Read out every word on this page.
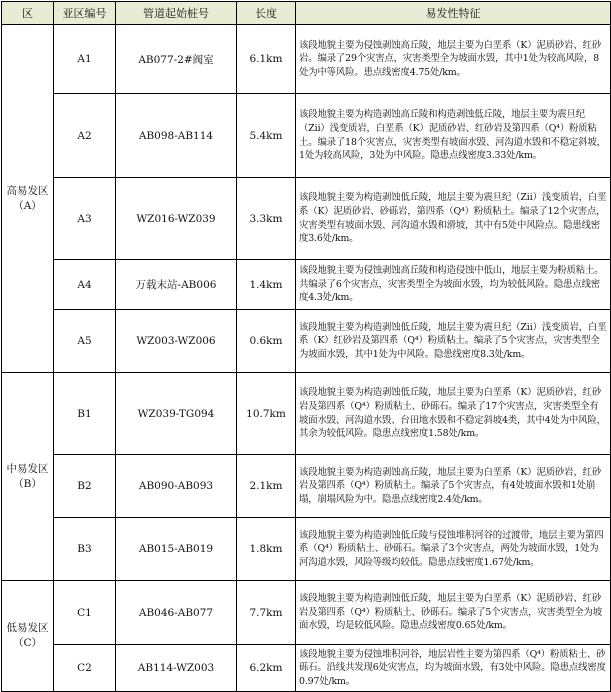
区	亚区编号	管道起始桩号	长度	易发性特征
高易发区
（A）	A1	AB077-2#阀室	6.1km	该段地貌主要为侵蚀剥蚀高丘陵，地层主要为白垩系（K）泥质砂岩、红砂岩。编录了29个灾害点，灾害类型全为坡面水毁，其中1处为较高风险，8处为中等风险。患点线密度4.75处/km。
	A2	AB098-AB114	5.4km	该段地貌主要为构造剥蚀高丘陵和构造剥蚀低丘陵，地层主要为震旦纪（Zⅱ）浅变质岩，白垩系（K）泥质砂岩、红砂岩及第四系（Q⁴）粉质粘土。编录了18个灾害点，灾害类型有坡面水毁、河沟道水毁和不稳定斜坡，1处为较高风险，3处为中风险。隐患点线密度3.33处/km。
	A3	WZ016-WZ039	3.3km	该段地貌主要为构造剥蚀低丘陵，地层主要为震旦纪（Zⅱ）浅变质岩，白垩系（K）泥质砂岩、砂砾岩，第四系（Q⁴）粉质粘土。编录了12个灾害点，灾害类型有坡面水毁、河沟道水毁和滑坡，其中有5处中风险点。隐患线密度3.6处/km。
	A4	万载末站-AB006	1.4km	该段地貌主要为侵蚀剥蚀高丘陵和构造侵蚀中低山，地层主要为粉质粘土。共编录了6个灾害点，灾害类型全为坡面水毁，均为较低风险。隐患点线密度4.3处/km。
	A5	WZ003-WZ006	0.6km	该段地貌主要为构造剥蚀低丘陵，地层主要为震旦纪（Zⅱ）浅变质岩，白垩系（K）红砂岩及第四系（Q⁴）粉质粘土。编录了5个灾害点，灾害类型全为坡面水毁，其中1处为中风险。隐患线密度8.3处/km。
中易发区
（B）	B1	WZ039-TG094	10.7km	该段地貌主要为构造剥蚀低丘陵，地层主要为白垩系（K）泥质砂岩、红砂岩及第四系（Q⁴）粉质粘土、砂砾石。编录了17个灾害点，灾害类型全有坡面水毁、河沟道水毁、台田地水毁和不稳定斜坡4类，其中4处为中风险，其余为较低风险。隐患点线密度1.58处/km。
	B2	AB090-AB093	2.1km	该段地貌主要为构造剥蚀高丘陵，地层主要为白垩系（K）泥质砂岩、红砂岩及第四系（Q⁴）粉质粘土。编录了5个灾害点，有4处坡面水毁和1处崩塌，崩塌风险为中。隐患点线密度2.4处/km。
	B3	AB015-AB019	1.8km	该段地貌主要为构造剥蚀低丘陵与侵蚀堆积河谷的过渡带，地层主要为第四系（Q⁴）粉质粘土、砂砾石。编录了3个灾害点，两处为坡面水毁，1处为河沟道水毁，风险等级均较低。隐患点线密度1.67处/km。
低易发区
（C）	C1	AB046-AB077	7.7km	该段地貌主要为构造剥蚀低丘陵，地层主要为白垩系（K）泥质砂岩、红砂岩及第四系（Q⁴）粉质粘土、砂砾石。编录了5个灾害点，灾害类型全为坡面水毁，均是较低风险。隐患点线密度0.65处/km。
	C2	AB114-WZ003	6.2km	该段地貌主要为侵蚀堆积河谷，地层岩性主要为第四系（Q⁴）粉质粘土、砂砾石。沿线共发现6处灾害点，均为坡面水毁，有3处中风险。隐患点线密度0.97处/km。
